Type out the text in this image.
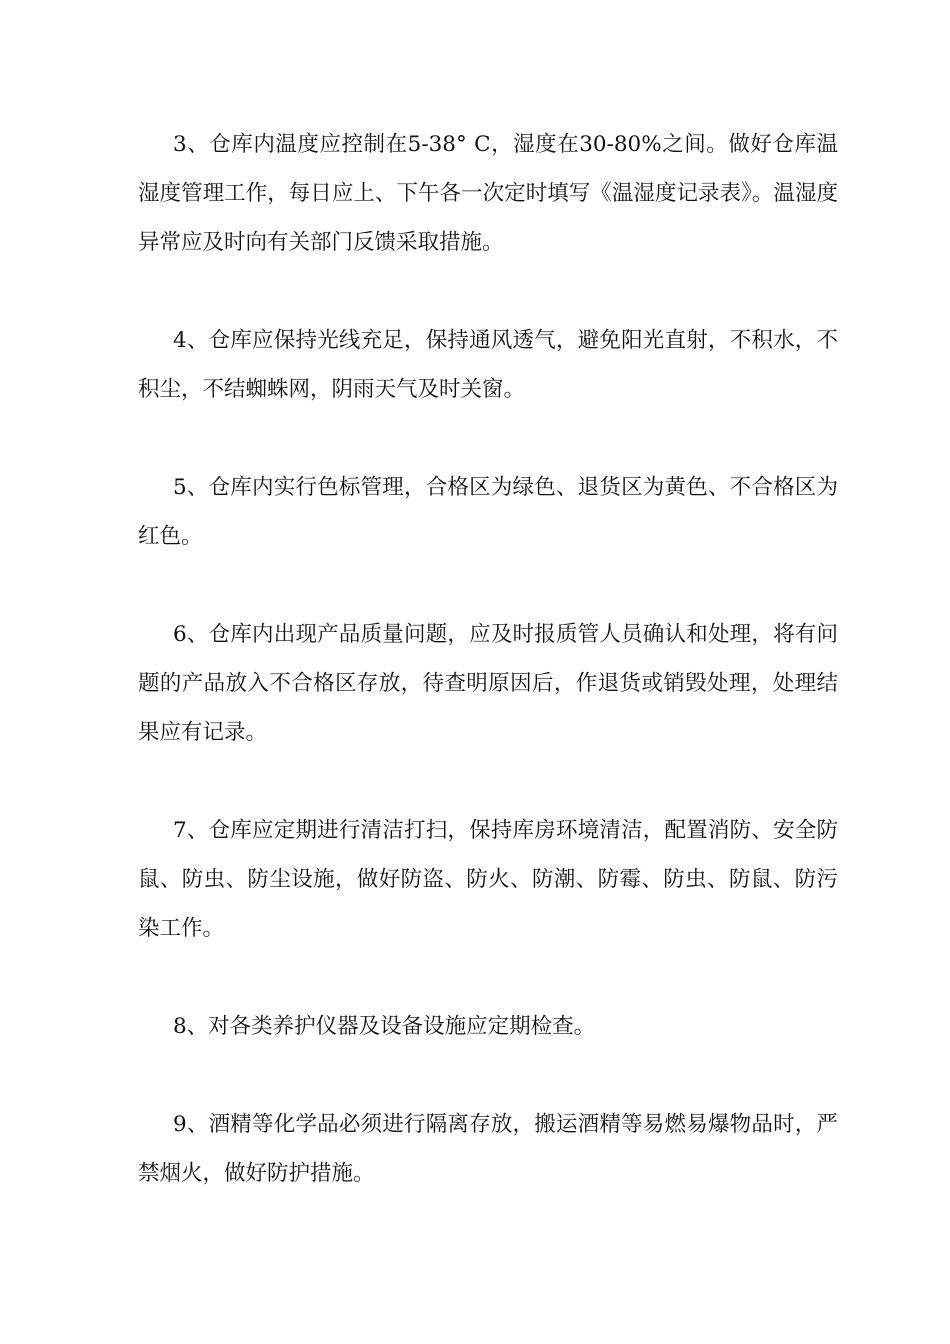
3、仓库内温度应控制在5-38° C，湿度在30-80%之间。做好仓库温湿度管理工作，每日应上、下午各一次定时填写《温湿度记录表》。温湿度异常应及时向有关部门反馈采取措施。

4、仓库应保持光线充足，保持通风透气，避免阳光直射，不积水，不积尘，不结蜘蛛网，阴雨天气及时关窗。

5、仓库内实行色标管理，合格区为绿色、退货区为黄色、不合格区为红色。

6、仓库内出现产品质量问题，应及时报质管人员确认和处理，将有问题的产品放入不合格区存放，待查明原因后，作退货或销毁处理，处理结果应有记录。

7、仓库应定期进行清洁打扫，保持库房环境清洁，配置消防、安全防鼠、防虫、防尘设施，做好防盗、防火、防潮、防霉、防虫、防鼠、防污染工作。

8、对各类养护仪器及设备设施应定期检查。

9、酒精等化学品必须进行隔离存放，搬运酒精等易燃易爆物品时，严禁烟火，做好防护措施。
